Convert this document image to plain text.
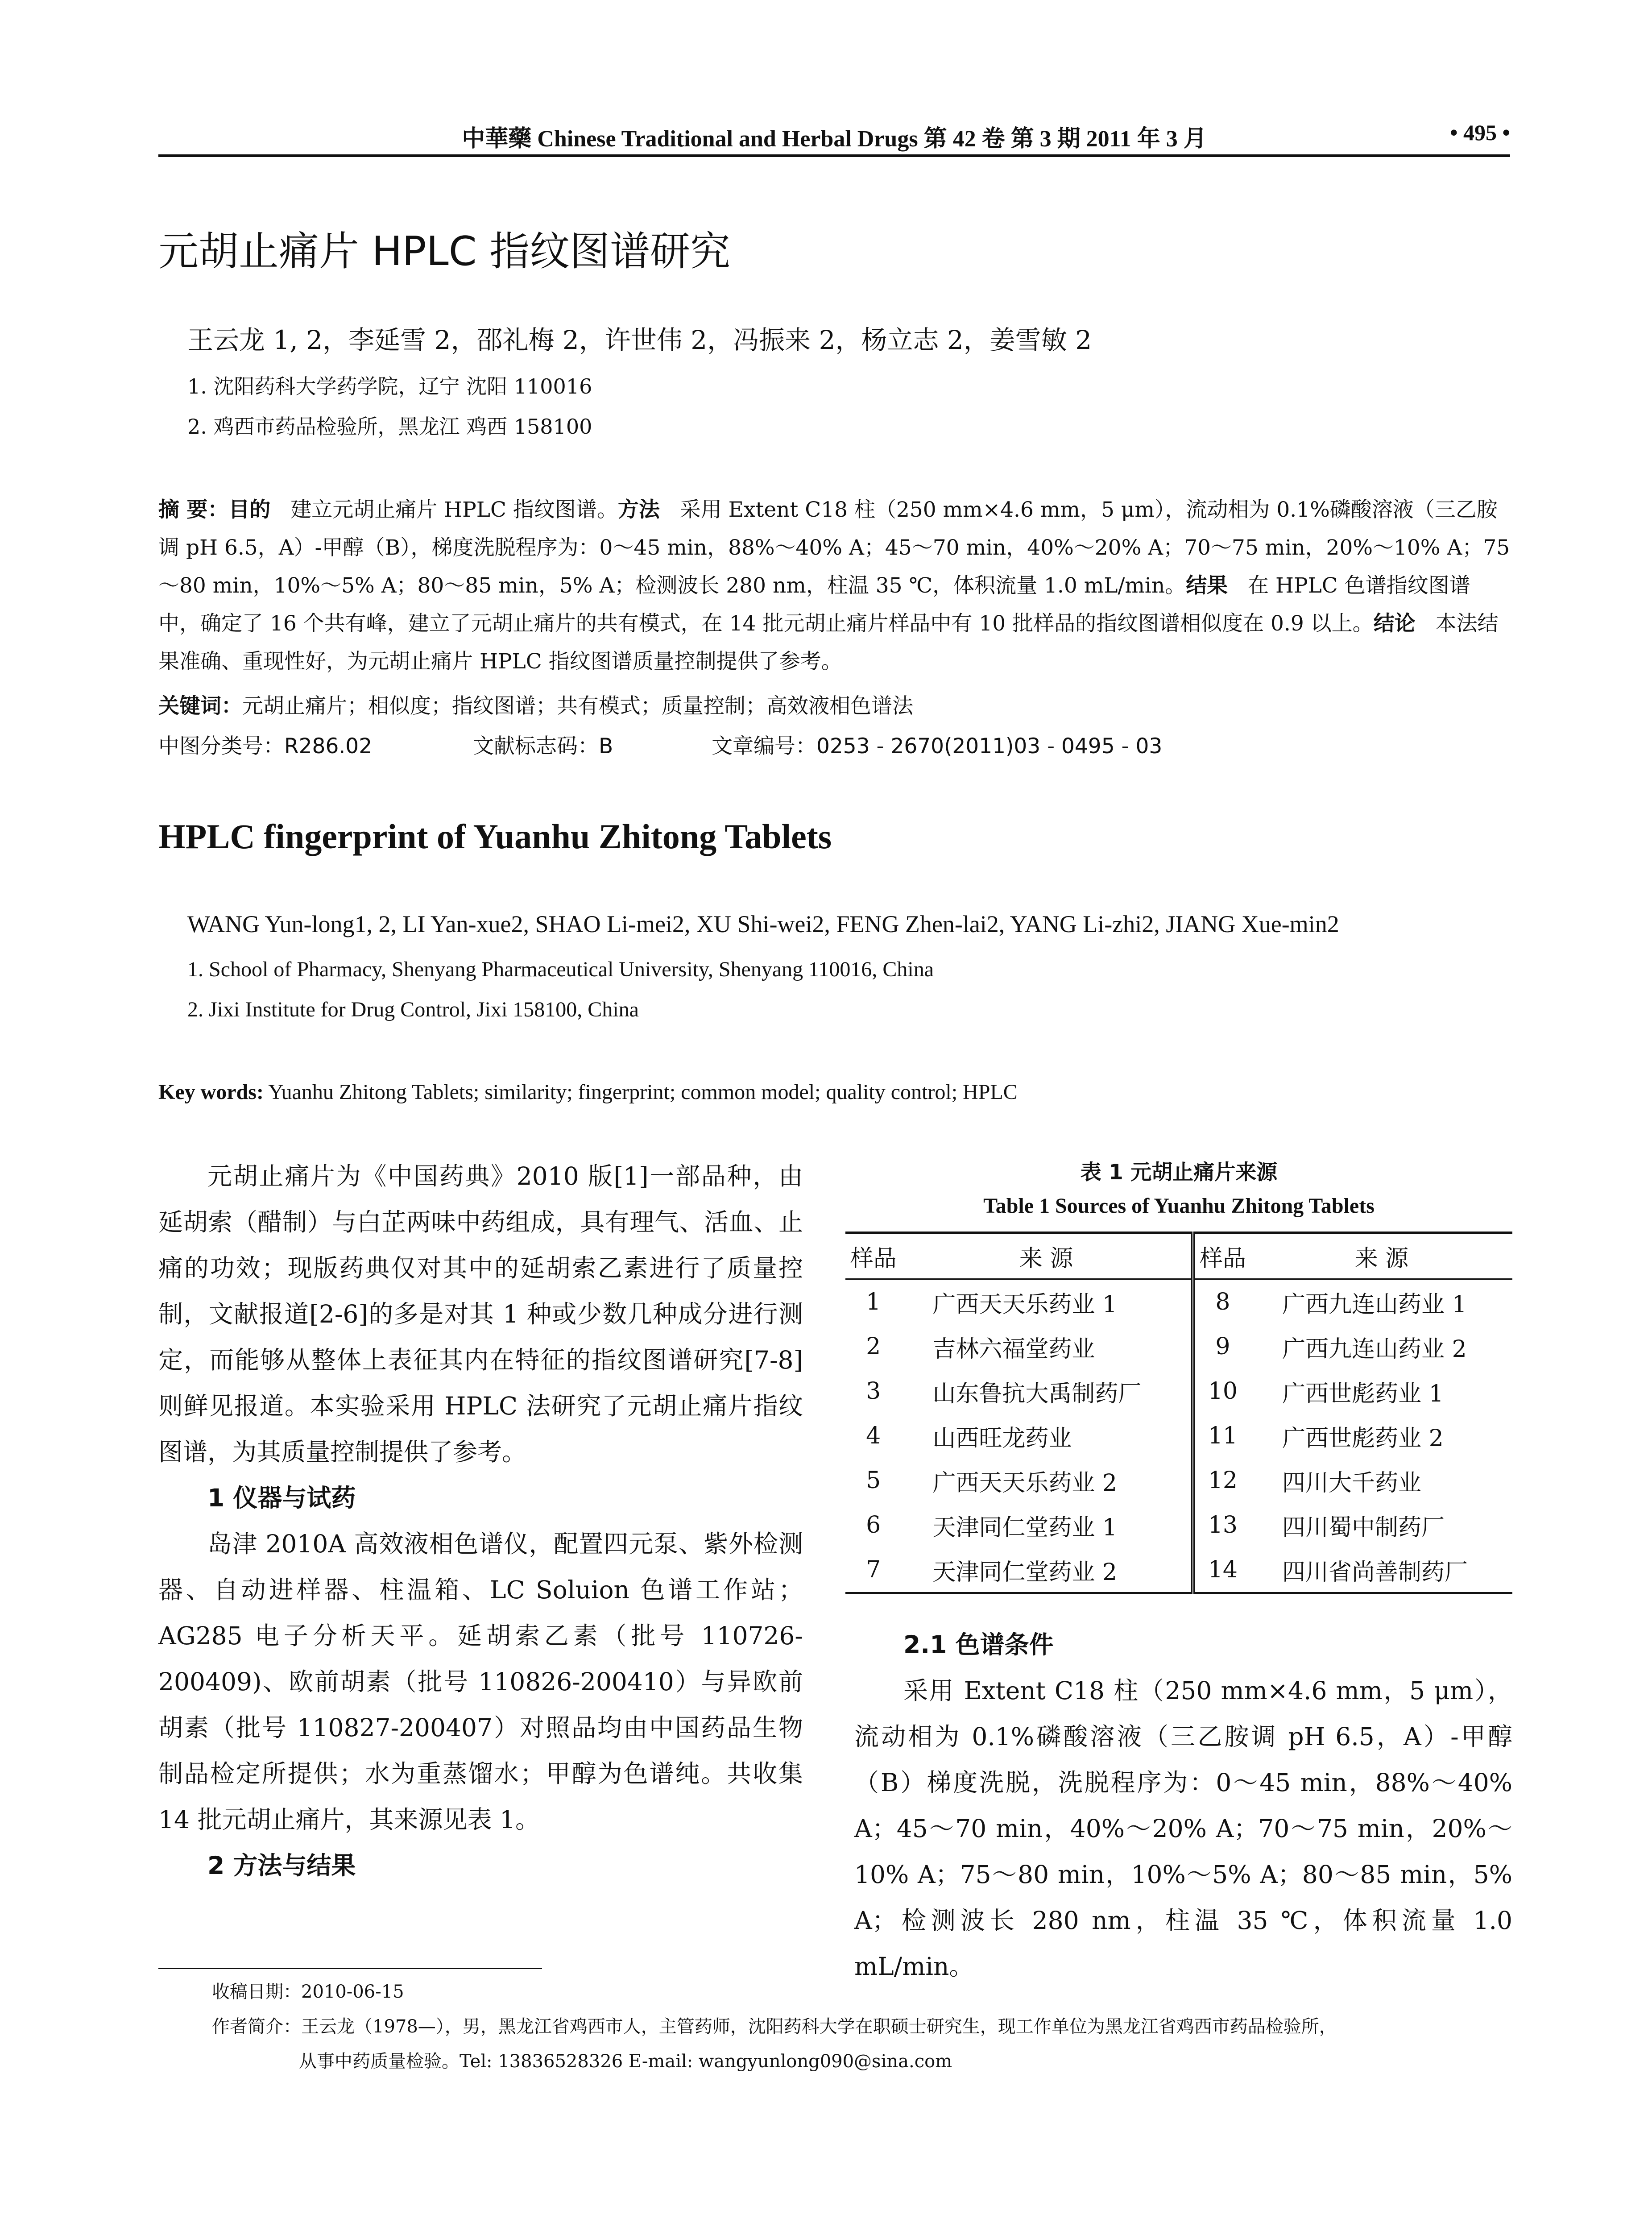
中華藥 Chinese Traditional and Herbal Drugs 第 42 卷 第 3 期 2011 年 3 月	• 495 •
元胡止痛片 HPLC 指纹图谱研究
王云龙 1, 2，李延雪 2，邵礼梅 2，许世伟 2，冯振来 2，杨立志 2，姜雪敏 2
1. 沈阳药科大学药学院，辽宁 沈阳 110016
2. 鸡西市药品检验所，黑龙江 鸡西 158100
摘 要：目的 建立元胡止痛片 HPLC 指纹图谱。方法 采用 Extent C18 柱（250 mm×4.6 mm，5 μm），流动相为 0.1%磷酸溶液（三乙胺调 pH 6.5，A）-甲醇（B），梯度洗脱程序为：0～45 min，88%～40% A；45～70 min，40%～20% A；70～75 min，20%～10% A；75～80 min，10%～5% A；80～85 min，5% A；检测波长 280 nm，柱温 35 ℃，体积流量 1.0 mL/min。结果 在 HPLC 色谱指纹图谱中，确定了 16 个共有峰，建立了元胡止痛片的共有模式，在 14 批元胡止痛片样品中有 10 批样品的指纹图谱相似度在 0.9 以上。结论 本法结果准确、重现性好，为元胡止痛片 HPLC 指纹图谱质量控制提供了参考。
关键词：元胡止痛片；相似度；指纹图谱；共有模式；质量控制；高效液相色谱法
中图分类号：R286.02	文献标志码：B	文章编号：0253 - 2670(2011)03 - 0495 - 03
HPLC fingerprint of Yuanhu Zhitong Tablets
WANG Yun-long1, 2, LI Yan-xue2, SHAO Li-mei2, XU Shi-wei2, FENG Zhen-lai2, YANG Li-zhi2, JIANG Xue-min2
1. School of Pharmacy, Shenyang Pharmaceutical University, Shenyang 110016, China
2. Jixi Institute for Drug Control, Jixi 158100, China
Key words: Yuanhu Zhitong Tablets; similarity; fingerprint; common model; quality control; HPLC

元胡止痛片为《中国药典》2010 版[1]一部品种，由延胡索（醋制）与白芷两味中药组成，具有理气、活血、止痛的功效；现版药典仅对其中的延胡索乙素进行了质量控制，文献报道[2-6]的多是对其 1 种或少数几种成分进行测定，而能够从整体上表征其内在特征的指纹图谱研究[7-8]则鲜见报道。本实验采用 HPLC 法研究了元胡止痛片指纹图谱，为其质量控制提供了参考。

1 仪器与试药

岛津 2010A 高效液相色谱仪，配置四元泵、紫外检测器、自动进样器、柱温箱、LC Soluion 色谱工作站；AG285 电子分析天平。延胡索乙素（批号 110726-200409)、欧前胡素（批号 110826-200410）与异欧前胡素（批号 110827-200407）对照品均由中国药品生物制品检定所提供；水为重蒸馏水；甲醇为色谱纯。共收集 14 批元胡止痛片，其来源见表 1。

2 方法与结果

表 1 元胡止痛片来源
Table 1 Sources of Yuanhu Zhitong Tablets
样品	来 源	样品	来 源
1	广西天天乐药业 1	8	广西九连山药业 1
2	吉林六福堂药业	9	广西九连山药业 2
3	山东鲁抗大禹制药厂	10	广西世彪药业 1
4	山西旺龙药业	11	广西世彪药业 2
5	广西天天乐药业 2	12	四川大千药业
6	天津同仁堂药业 1	13	四川蜀中制药厂
7	天津同仁堂药业 2	14	四川省尚善制药厂

2.1 色谱条件

采用 Extent C18 柱（250 mm×4.6 mm，5 μm），流动相为 0.1%磷酸溶液（三乙胺调 pH 6.5，A）-甲醇（B）梯度洗脱，洗脱程序为：0～45 min，88%～40% A；45～70 min，40%～20% A；70～75 min，20%～10% A；75～80 min，10%～5% A；80～85 min，5% A；检测波长 280 nm，柱温 35 ℃，体积流量 1.0 mL/min。

收稿日期：2010-06-15
作者简介：王云龙（1978—），男，黑龙江省鸡西市人，主管药师，沈阳药科大学在职硕士研究生，现工作单位为黑龙江省鸡西市药品检验所，
从事中药质量检验。Tel: 13836528326 E-mail: wangyunlong090@sina.com
